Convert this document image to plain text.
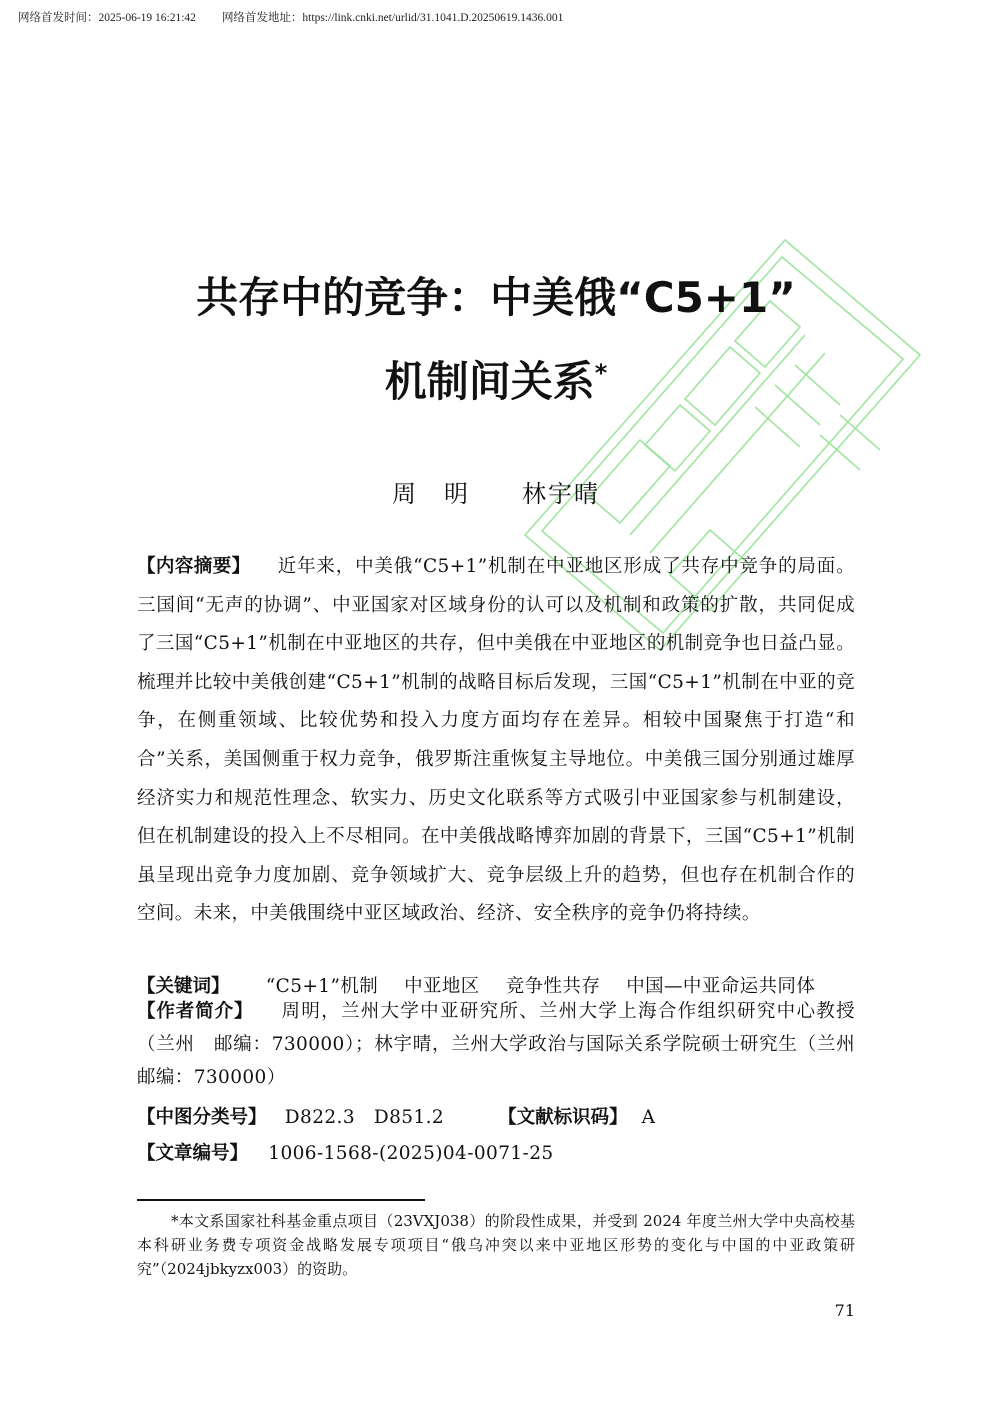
网络首发时间：2025-06-19 16:21:42 网络首发地址：https://link.cnki.net/urlid/31.1041.D.20250619.1436.001
共存中的竞争：中美俄“C5+1”
机制间关系*
周　明　　林宇晴
【内容摘要】 近年来，中美俄“C5+1”机制在中亚地区形成了共存中竞争的局面。三国间“无声的协调”、中亚国家对区域身份的认可以及机制和政策的扩散，共同促成了三国“C5+1”机制在中亚地区的共存，但中美俄在中亚地区的机制竞争也日益凸显。梳理并比较中美俄创建“C5+1”机制的战略目标后发现，三国“C5+1”机制在中亚的竞争，在侧重领域、比较优势和投入力度方面均存在差异。相较中国聚焦于打造“和合”关系，美国侧重于权力竞争，俄罗斯注重恢复主导地位。中美俄三国分别通过雄厚经济实力和规范性理念、软实力、历史文化联系等方式吸引中亚国家参与机制建设，但在机制建设的投入上不尽相同。在中美俄战略博弈加剧的背景下，三国“C5+1”机制虽呈现出竞争力度加剧、竞争领域扩大、竞争层级上升的趋势，但也存在机制合作的空间。未来，中美俄围绕中亚区域政治、经济、安全秩序的竞争仍将持续。
【关键词】 “C5+1”机制 中亚地区 竞争性共存 中国—中亚命运共同体
【作者简介】 周明，兰州大学中亚研究所、兰州大学上海合作组织研究中心教授（兰州　邮编：730000）；林宇晴，兰州大学政治与国际关系学院硕士研究生（兰州　邮编：730000）
【中图分类号】 D822.3　D851.2	【文献标识码】 A
【文章编号】 1006-1568-(2025)04-0071-25
*本文系国家社科基金重点项目（23VXJ038）的阶段性成果，并受到 2024 年度兰州大学中央高校基本科研业务费专项资金战略发展专项项目“俄乌冲突以来中亚地区形势的变化与中国的中亚政策研究”（2024jbkyzx003）的资助。
71
